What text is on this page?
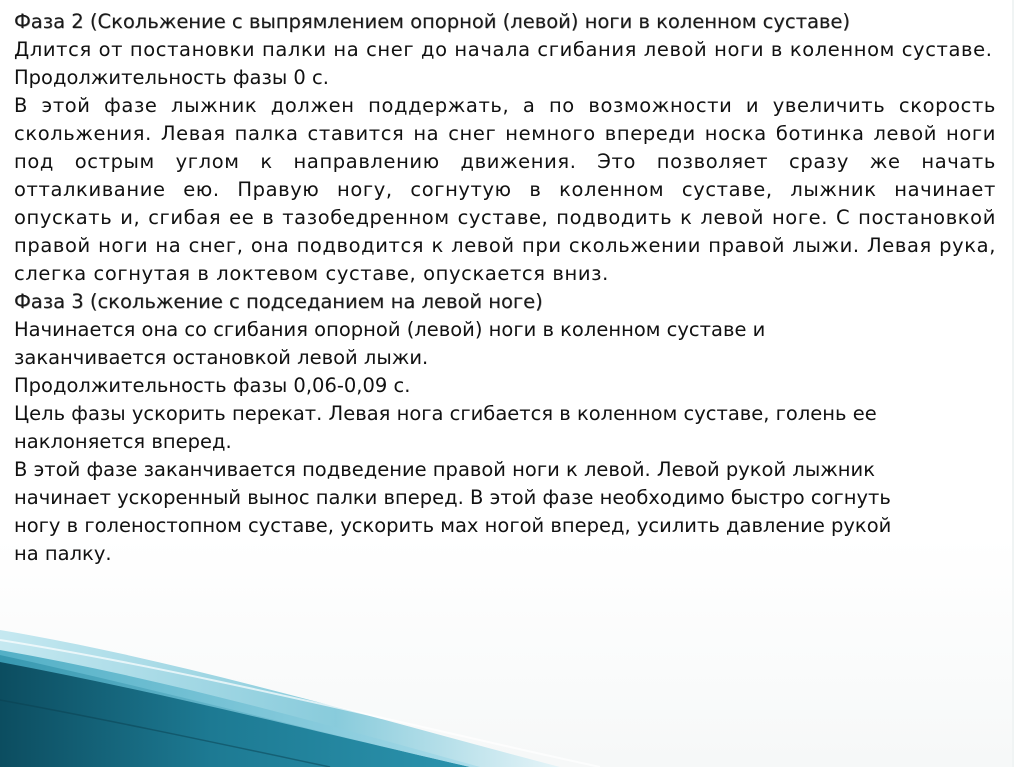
Фаза 2 (Скольжение с выпрямлением опорной (левой) ноги в коленном суставе)

Длится от постановки палки на снег до начала сгибания левой ноги в коленном суставе.

Продолжительность фазы 0 с.

В этой фазе лыжник должен поддержать, а по возможности и увеличить скорость скольжения. Левая палка ставится на снег немного впереди носка ботинка левой ноги под острым углом к направлению движения. Это позволяет сразу же начать отталкивание ею. Правую ногу, согнутую в коленном суставе, лыжник начинает опускать и, сгибая ее в тазобедренном суставе, подводить к левой ноге. С постановкой правой ноги на снег, она подводится к левой при скольжении правой лыжи. Левая рука, слегка согнутая в локтевом суставе, опускается вниз.

Фаза 3 (скольжение с подседанием на левой ноге)

Начинается она со сгибания опорной (левой) ноги в коленном суставе и

заканчивается остановкой левой лыжи.

Продолжительность фазы 0,06-0,09 с.

Цель фазы ускорить перекат. Левая нога сгибается в коленном суставе, голень ее

наклоняется вперед.

В этой фазе заканчивается подведение правой ноги к левой. Левой рукой лыжник

начинает ускоренный вынос палки вперед. В этой фазе необходимо быстро согнуть

ногу в голеностопном суставе, ускорить мах ногой вперед, усилить давление рукой

на палку.
